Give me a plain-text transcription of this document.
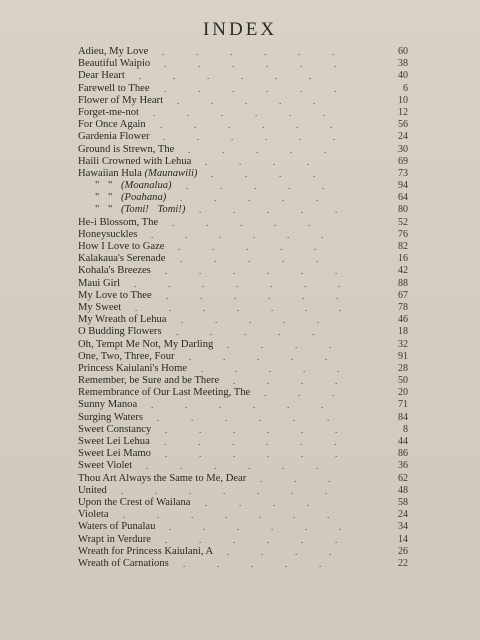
INDEX
Adieu, My Love .	.	.	.	.	.	60
Beautiful Waipio .	.	.	.	.	.	38
Dear Heart .	.	.	.	.	.	40
Farewell to Thee .	.	.	.	.	.	6
Flower of My Heart .	.	.	.	.	10
Forget-me-not .	.	.	.	.	.	12
For Once Again .	.	.	.	.	.	56
Gardenia Flower .	.	.	.	.	.	24
Ground is Strewn, The .	.	.	.	.	30
Haili Crowned with Lehua .	.	.	.	69
Hawaiian Hula (Maunawili) .	.	.	.	73
" " (Moanalua) .	.	.	.	.	94
" " (Poahana) .	.	.	.	.	64
" " (Tomi! Tomi!) .	.	.	.	.	80
He-i Blossom, The .	.	.	.	.	52
Honeysuckles .	.	.	.	.	.	76
How I Love to Gaze .	.	.	.	.	82
Kalakaua's Serenade .	.	.	.	.	16
Kohala's Breezes .	.	.	.	.	.	42
Maui Girl .	.	.	.	.	.	.	88
My Love to Thee .	.	.	.	.	.	67
My Sweet .	.	.	.	.	.	.	78
My Wreath of Lehua .	.	.	.	.	46
O Budding Flowers .	.	.	.	.	18
Oh, Tempt Me Not, My Darling .	.	.	.	32
One, Two, Three, Four .	.	.	.	.	91
Princess Kaiulani's Home .	.	.	.	.	28
Remember, be Sure and be There .	.	.	.	50
Remembrance of Our Last Meeting, The .	.	.	20
Sunny Manoa .	.	.	.	.	.	71
Surging Waters .	.	.	.	.	.	84
Sweet Constancy .	.	.	.	.	.	8
Sweet Lei Lehua .	.	.	.	.	.	44
Sweet Lei Mamo .	.	.	.	.	.	86
Sweet Violet .	.	.	.	.	.	36
Thou Art Always the Same to Me, Dear .	.	.	62
United .	.	.	.	.	.	.	48
Upon the Crest of Wailana .	.	.	.	58
Violeta .	.	.	.	.	.	.	24
Waters of Punalau .	.	.	.	.	.	34
Wrapt in Verdure .	.	.	.	.	.	14
Wreath for Princess Kaiulani, A .	.	.	.	26
Wreath of Carnations .	.	.	.	.	22
